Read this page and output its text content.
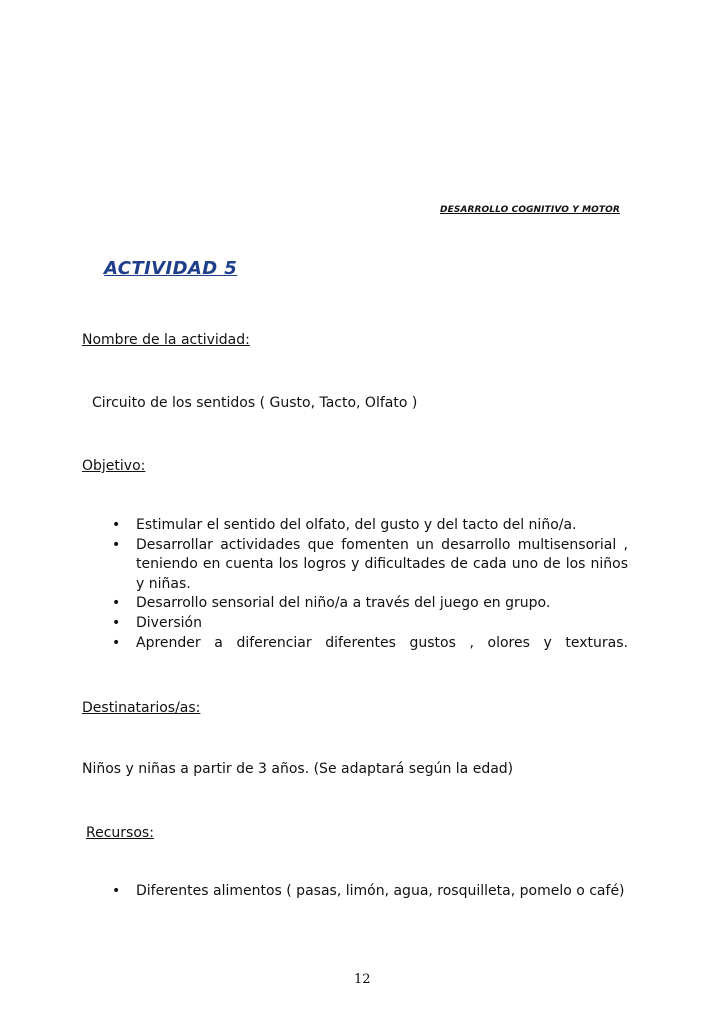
DESARROLLO COGNITIVO Y MOTOR
ACTIVIDAD 5
Nombre de la actividad:
Circuito de los sentidos ( Gusto, Tacto, Olfato )
Objetivo:
• Estimular el sentido del olfato, del gusto y del tacto del niño/a.
• Desarrollar actividades que fomenten un desarrollo multisensorial , teniendo en cuenta los logros y dificultades de cada uno de los niños y niñas.
• Desarrollo sensorial del niño/a a través del juego en grupo.
• Diversión
• Aprender a diferenciar diferentes gustos , olores y texturas.
Destinatarios/as:
Niños y niñas a partir de 3 años. (Se adaptará según la edad)
Recursos:
• Diferentes alimentos ( pasas, limón, agua, rosquilleta, pomelo o café)
12
